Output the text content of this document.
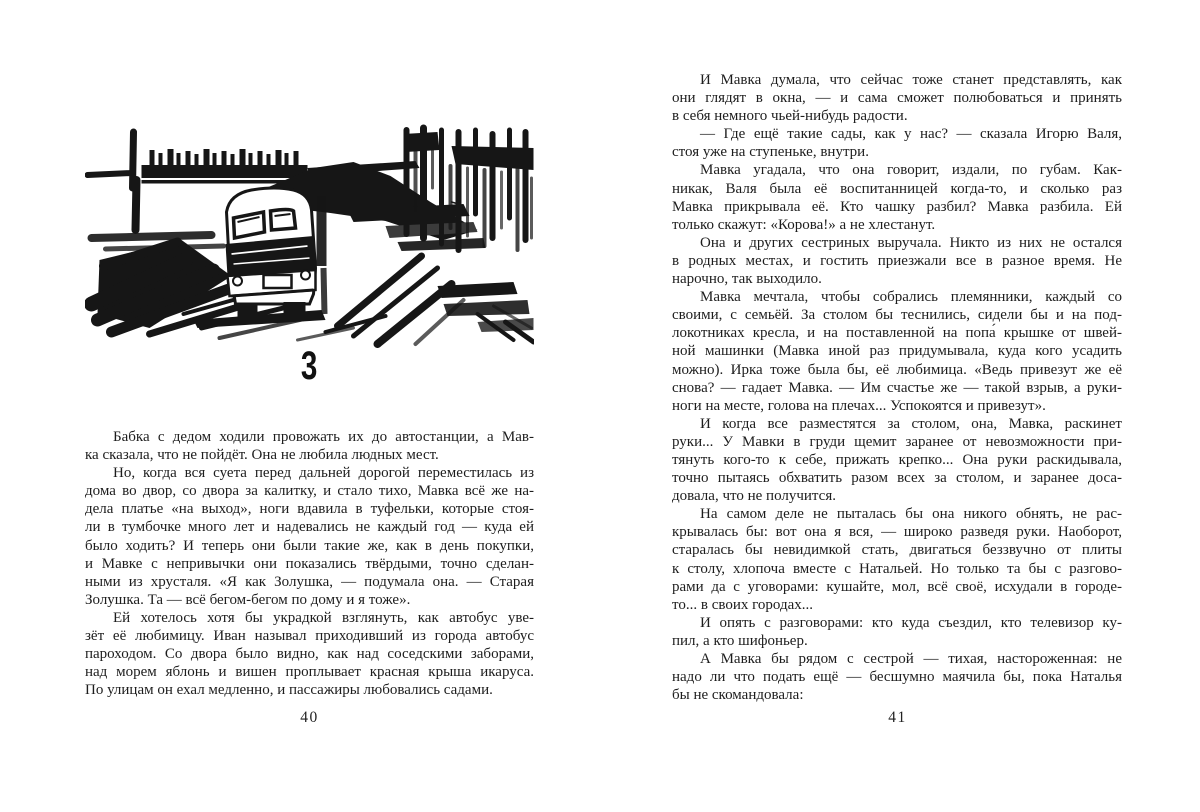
3
Бабка с дедом ходили провожать их до автостанции, а Мав-
ка сказала, что не пойдёт. Она не любила людных мест.
Но, когда вся суета перед дальней дорогой переместилась из
дома во двор, со двора за калитку, и стало тихо, Мавка всё же на-
дела платье «на выход», ноги вдавила в туфельки, которые стоя-
ли в тумбочке много лет и надевались не каждый год — куда ей
было ходить? И теперь они были такие же, как в день покупки,
и Мавке с непривычки они показались твёрдыми, точно сделан-
ными из хрусталя. «Я как Золушка, — подумала она. — Старая
Золушка. Та — всё бегом-бегом по дому и я тоже».
Ей хотелось хотя бы украдкой взглянуть, как автобус уве-
зёт её любимицу. Иван называл приходивший из города автобус
пароходом. Со двора было видно, как над соседскими заборами,
над морем яблонь и вишен проплывает красная крыша икаруса.
По улицам он ехал медленно, и пассажиры любовались садами.
40
И Мавка думала, что сейчас тоже станет представлять, как
они глядят в окна, — и сама сможет полюбоваться и принять
в себя немного чьей-нибудь радости.
— Где ещё такие сады, как у нас? — сказала Игорю Валя,
стоя уже на ступеньке, внутри.
Мавка угадала, что она говорит, издали, по губам. Как-
никак, Валя была её воспитанницей когда-то, и сколько раз
Мавка прикрывала её. Кто чашку разбил? Мавка разбила. Ей
только скажут: «Корова!» а не хлестанут.
Она и других сестриных выручала. Никто из них не остался
в родных местах, и гостить приезжали все в разное время. Не
нарочно, так выходило.
Мавка мечтала, чтобы собрались племянники, каждый со
своими, с семьёй. За столом бы теснились, сидели бы и на под-
локотниках кресла, и на поставленной на попа́ крышке от швей-
ной машинки (Мавка иной раз придумывала, куда кого усадить
можно). Ирка тоже была бы, её любимица. «Ведь привезут же её
снова? — гадает Мавка. — Им счастье же — такой взрыв, а руки-
ноги на месте, голова на плечах... Успокоятся и привезут».
И когда все разместятся за столом, она, Мавка, раскинет
руки... У Мавки в груди щемит заранее от невозможности при-
тянуть кого-то к себе, прижать крепко... Она руки раскидывала,
точно пытаясь обхватить разом всех за столом, и заранее доса-
довала, что не получится.
На самом деле не пыталась бы она никого обнять, не рас-
крывалась бы: вот она я вся, — широко разведя руки. Наоборот,
старалась бы невидимкой стать, двигаться беззвучно от плиты
к столу, хлопоча вместе с Натальей. Но только та бы с разгово-
рами да с уговорами: кушайте, мол, всё своё, исхудали в городе-
то... в своих городах...
И опять с разговорами: кто куда съездил, кто телевизор ку-
пил, а кто шифоньер.
А Мавка бы рядом с сестрой — тихая, настороженная: не
надо ли что подать ещё — бесшумно маячила бы, пока Наталья
бы не скомандовала:
41
